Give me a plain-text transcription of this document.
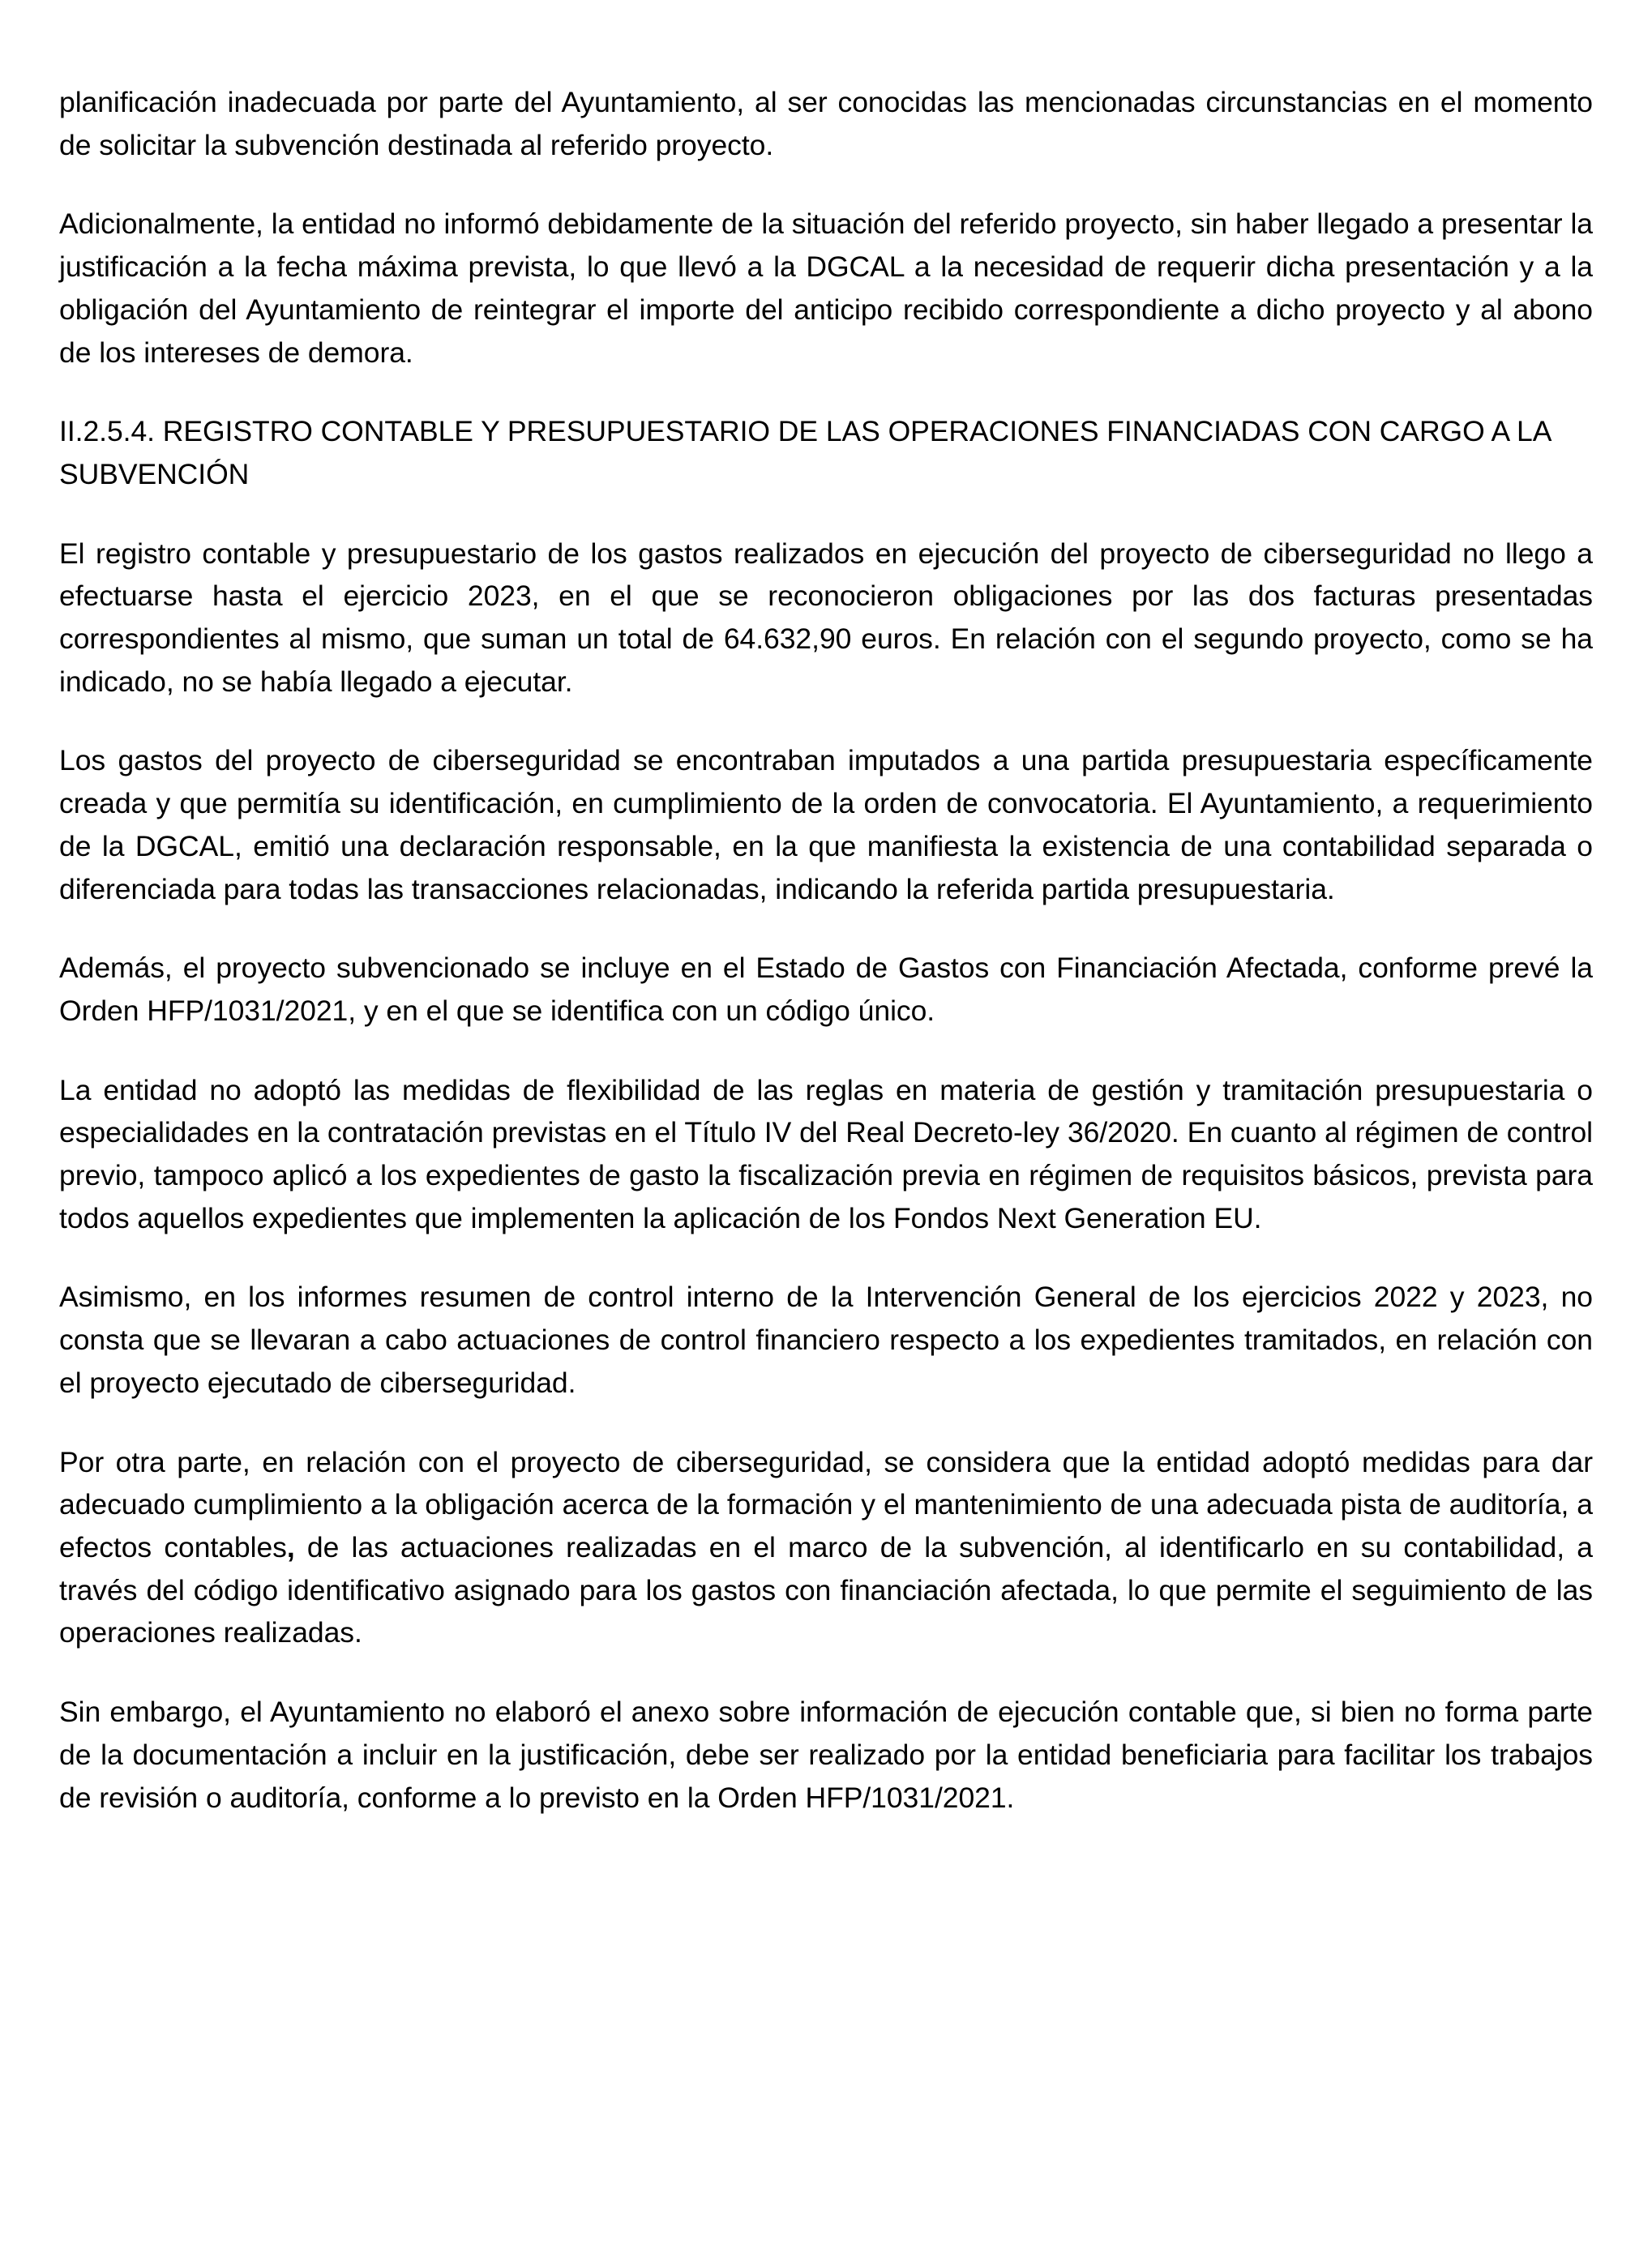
planificación inadecuada por parte del Ayuntamiento, al ser conocidas las mencionadas circunstancias en el momento de solicitar la subvención destinada al referido proyecto.

Adicionalmente, la entidad no informó debidamente de la situación del referido proyecto, sin haber llegado a presentar la justificación a la fecha máxima prevista, lo que llevó a la DGCAL a la necesidad de requerir dicha presentación y a la obligación del Ayuntamiento de reintegrar el importe del anticipo recibido correspondiente a dicho proyecto y al abono de los intereses de demora.

II.2.5.4. REGISTRO CONTABLE Y PRESUPUESTARIO DE LAS OPERACIONES FINANCIADAS CON CARGO A LA SUBVENCIÓN

El registro contable y presupuestario de los gastos realizados en ejecución del proyecto de ciberseguridad no llego a efectuarse hasta el ejercicio 2023, en el que se reconocieron obligaciones por las dos facturas presentadas correspondientes al mismo, que suman un total de 64.632,90 euros. En relación con el segundo proyecto, como se ha indicado, no se había llegado a ejecutar.

Los gastos del proyecto de ciberseguridad se encontraban imputados a una partida presupuestaria específicamente creada y que permitía su identificación, en cumplimiento de la orden de convocatoria. El Ayuntamiento, a requerimiento de la DGCAL, emitió una declaración responsable, en la que manifiesta la existencia de una contabilidad separada o diferenciada para todas las transacciones relacionadas, indicando la referida partida presupuestaria.

Además, el proyecto subvencionado se incluye en el Estado de Gastos con Financiación Afectada, conforme prevé la Orden HFP/1031/2021, y en el que se identifica con un código único.

La entidad no adoptó las medidas de flexibilidad de las reglas en materia de gestión y tramitación presupuestaria o especialidades en la contratación previstas en el Título IV del Real Decreto-ley 36/2020. En cuanto al régimen de control previo, tampoco aplicó a los expedientes de gasto la fiscalización previa en régimen de requisitos básicos, prevista para todos aquellos expedientes que implementen la aplicación de los Fondos Next Generation EU.

Asimismo, en los informes resumen de control interno de la Intervención General de los ejercicios 2022 y 2023, no consta que se llevaran a cabo actuaciones de control financiero respecto a los expedientes tramitados, en relación con el proyecto ejecutado de ciberseguridad.

Por otra parte, en relación con el proyecto de ciberseguridad, se considera que la entidad adoptó medidas para dar adecuado cumplimiento a la obligación acerca de la formación y el mantenimiento de una adecuada pista de auditoría, a efectos contables, de las actuaciones realizadas en el marco de la subvención, al identificarlo en su contabilidad, a través del código identificativo asignado para los gastos con financiación afectada, lo que permite el seguimiento de las operaciones realizadas.

Sin embargo, el Ayuntamiento no elaboró el anexo sobre información de ejecución contable que, si bien no forma parte de la documentación a incluir en la justificación, debe ser realizado por la entidad beneficiaria para facilitar los trabajos de revisión o auditoría, conforme a lo previsto en la Orden HFP/1031/2021.
